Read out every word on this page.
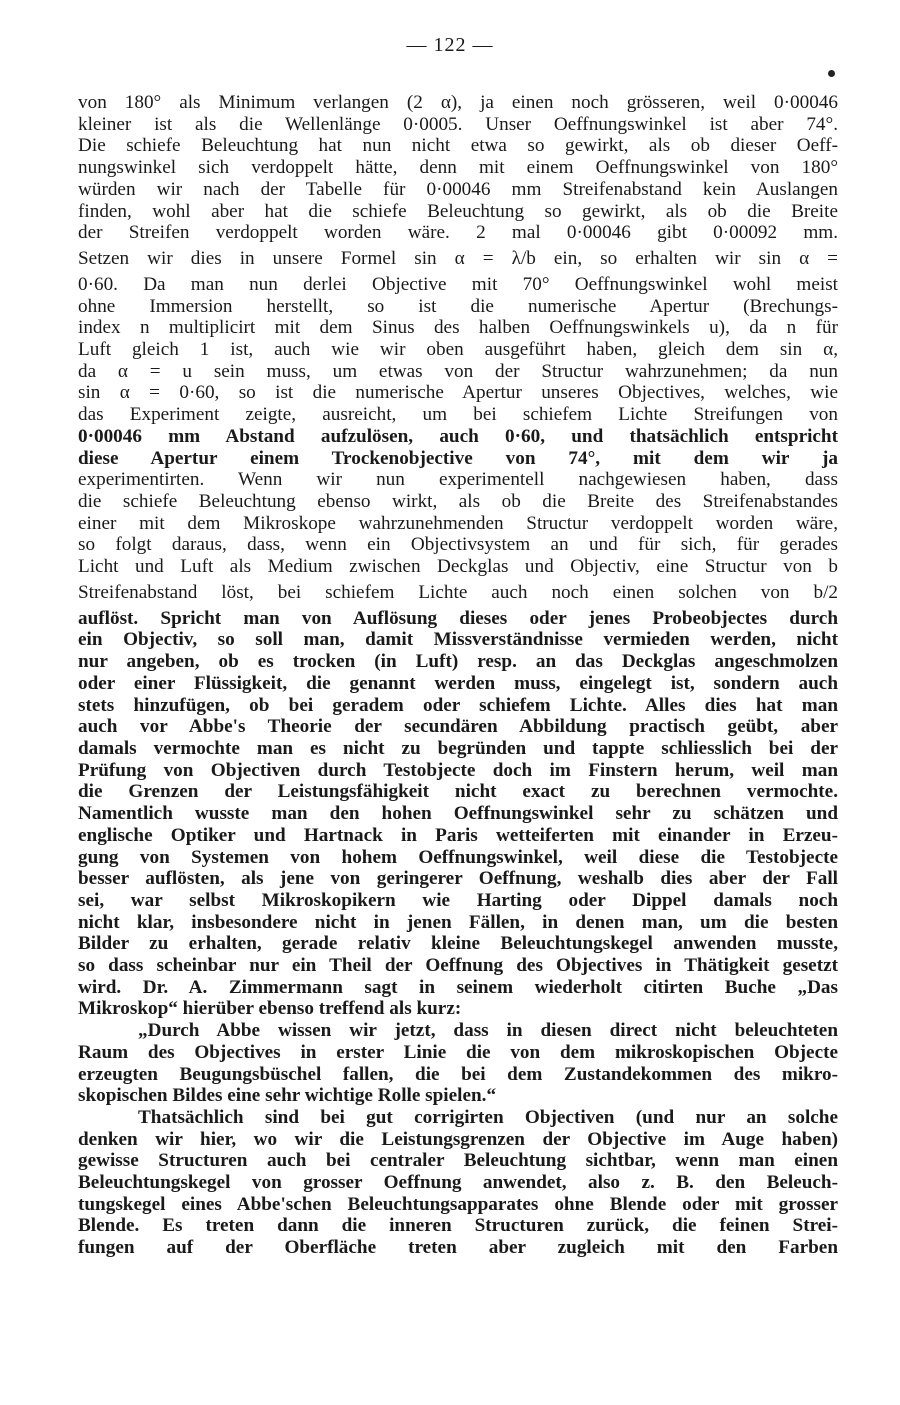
— 122 —
von 180° als Minimum verlangen (2 α), ja einen noch grösseren, weil 0·00046
kleiner ist als die Wellenlänge 0·0005. Unser Oeffnungswinkel ist aber 74°.
Die schiefe Beleuchtung hat nun nicht etwa so gewirkt, als ob dieser Oeff-
nungswinkel sich verdoppelt hätte, denn mit einem Oeffnungswinkel von 180°
würden wir nach der Tabelle für 0·00046 mm Streifenabstand kein Auslangen
finden, wohl aber hat die schiefe Beleuchtung so gewirkt, als ob die Breite
der Streifen verdoppelt worden wäre. 2 mal 0·00046 gibt 0·00092 mm.
Setzen wir dies in unsere Formel sin α = λ/b ein, so erhalten wir sin α =
0·60. Da man nun derlei Objective mit 70° Oeffnungswinkel wohl meist
ohne Immersion herstellt, so ist die numerische Apertur (Brechungs-
index n multiplicirt mit dem Sinus des halben Oeffnungswinkels u), da n für
Luft gleich 1 ist, auch wie wir oben ausgeführt haben, gleich dem sin α,
da α = u sein muss, um etwas von der Structur wahrzunehmen; da nun
sin α = 0·60, so ist die numerische Apertur unseres Objectives, welches, wie
das Experiment zeigte, ausreicht, um bei schiefem Lichte Streifungen von
0·00046 mm Abstand aufzulösen, auch 0·60, und thatsächlich entspricht
diese Apertur einem Trockenobjective von 74°, mit dem wir ja
experimentirten. Wenn wir nun experimentell nachgewiesen haben, dass
die schiefe Beleuchtung ebenso wirkt, als ob die Breite des Streifenabstandes
einer mit dem Mikroskope wahrzunehmenden Structur verdoppelt worden wäre,
so folgt daraus, dass, wenn ein Objectivsystem an und für sich, für gerades
Licht und Luft als Medium zwischen Deckglas und Objectiv, eine Structur von b
Streifenabstand löst, bei schiefem Lichte auch noch einen solchen von b/2
auflöst. Spricht man von Auflösung dieses oder jenes Probeobjectes durch
ein Objectiv, so soll man, damit Missverständnisse vermieden werden, nicht
nur angeben, ob es trocken (in Luft) resp. an das Deckglas angeschmolzen
oder einer Flüssigkeit, die genannt werden muss, eingelegt ist, sondern auch
stets hinzufügen, ob bei geradem oder schiefem Lichte. Alles dies hat man
auch vor Abbe's Theorie der secundären Abbildung practisch geübt, aber
damals vermochte man es nicht zu begründen und tappte schliesslich bei der
Prüfung von Objectiven durch Testobjecte doch im Finstern herum, weil man
die Grenzen der Leistungsfähigkeit nicht exact zu berechnen vermochte.
Namentlich wusste man den hohen Oeffnungswinkel sehr zu schätzen und
englische Optiker und Hartnack in Paris wetteiferten mit einander in Erzeu-
gung von Systemen von hohem Oeffnungswinkel, weil diese die Testobjecte
besser auflösten, als jene von geringerer Oeffnung, weshalb dies aber der Fall
sei, war selbst Mikroskopikern wie Harting oder Dippel damals noch
nicht klar, insbesondere nicht in jenen Fällen, in denen man, um die besten
Bilder zu erhalten, gerade relativ kleine Beleuchtungskegel anwenden musste,
so dass scheinbar nur ein Theil der Oeffnung des Objectives in Thätigkeit gesetzt
wird. Dr. A. Zimmermann sagt in seinem wiederholt citirten Buche „Das
Mikroskop“ hierüber ebenso treffend als kurz:
„Durch Abbe wissen wir jetzt, dass in diesen direct nicht beleuchteten
Raum des Objectives in erster Linie die von dem mikroskopischen Objecte
erzeugten Beugungsbüschel fallen, die bei dem Zustandekommen des mikro-
skopischen Bildes eine sehr wichtige Rolle spielen.“
Thatsächlich sind bei gut corrigirten Objectiven (und nur an solche
denken wir hier, wo wir die Leistungsgrenzen der Objective im Auge haben)
gewisse Structuren auch bei centraler Beleuchtung sichtbar, wenn man einen
Beleuchtungskegel von grosser Oeffnung anwendet, also z. B. den Beleuch-
tungskegel eines Abbe'schen Beleuchtungsapparates ohne Blende oder mit grosser
Blende. Es treten dann die inneren Structuren zurück, die feinen Strei-
fungen auf der Oberfläche treten aber zugleich mit den Farben
